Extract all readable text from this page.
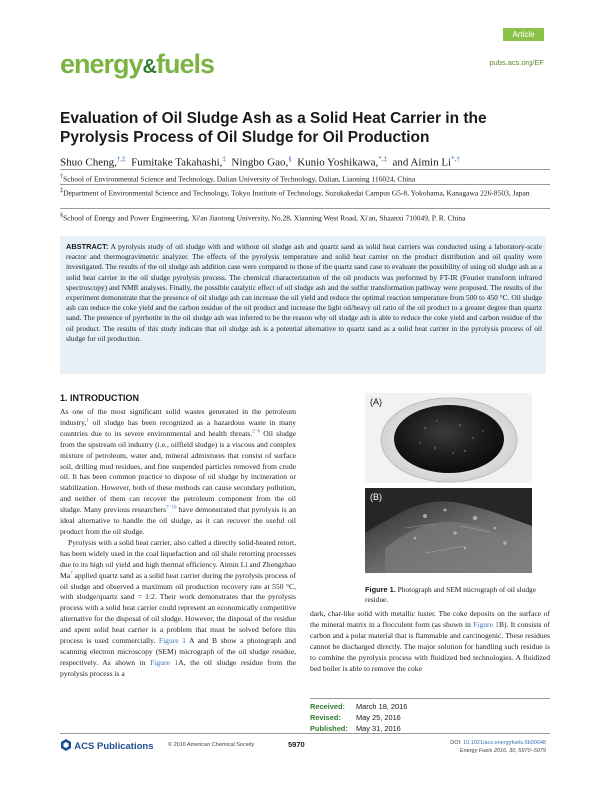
Article
energy&fuels	pubs.acs.org/EF
Evaluation of Oil Sludge Ash as a Solid Heat Carrier in the Pyrolysis Process of Oil Sludge for Oil Production
Shuo Cheng,†,‡ Fumitake Takahashi,‡ Ningbo Gao,§ Kunio Yoshikawa,*,‡ and Aimin Li*,†
†School of Environmental Science and Technology, Dalian University of Technology, Dalian, Liaoning 116024, China
‡Department of Environmental Science and Technology, Tokyo Institute of Technology, Suzukakedai Campus G5-8, Yokohama, Kanagawa 226-8503, Japan
§School of Energy and Power Engineering, Xi'an Jiaotong University, No.28, Xianning West Road, Xi'an, Shaanxi 710049, P. R. China
ABSTRACT: A pyrolysis study of oil sludge with and without oil sludge ash and quartz sand as solid heat carriers was conducted using a laboratory-scale reactor and thermogravimetric analyzer. The effects of the pyrolysis temperature and solid heat carrier on the product distribution and oil quality were investigated. The results of the oil sludge ash addition case were compared to those of the quartz sand case to evaluate the possibility of using oil sludge ash as a solid heat carrier in the oil sludge pyrolysis process. The chemical characterization of the oil products was performed by FT-IR (Fourier transform infrared spectroscopy) and NMR analyses. Finally, the possible catalytic effect of oil sludge ash and the sulfur transformation pathway were proposed. The results of the experiment demonstrate that the presence of oil sludge ash can increase the oil yield and reduce the optimal reaction temperature from 500 to 450 °C. Oil sludge ash can reduce the coke yield and the carbon residue of the oil product and increase the light oil/heavy oil ratio of the oil product to a greater degree than quartz sand. The presence of pyrrhotite in the oil sludge ash was inferred to be the reason why oil sludge ash is able to reduce the coke yield and carbon residue of the oil product. The results of this study indicate that oil sludge ash is a potential alternative to quartz sand as a solid heat carrier in the pyrolysis process of oil sludge for oil production.
1. INTRODUCTION

As one of the most significant solid wastes generated in the petroleum industry,$^1$ oil sludge has been recognized as a hazardous waste in many countries due to its severe environmental and health threats.$^{2-6}$ Oil sludge from the upstream oil industry (i.e., oilfield sludge) is a viscous and complex mixture of petroleum, water and, mineral admixtures that consist of surface soil, drilling mud residues, and fine suspended particles removed from crude oil. It has been common practice to dispose of oil sludge by incineration or stabilization. However, both of these methods can cause secondary pollution, and neither of them can recover the petroleum component from the oil sludge. Many previous researchers$^{7-10}$ have demonstrated that pyrolysis is an ideal alternative to handle the oil sludge, as it can recover the useful oil product from the oil sludge.

Pyrolysis with a solid heat carrier, also called a directly solid-heated retort, has been widely used in the coal liquefaction and oil shale retorting processes due to its high oil yield and high thermal efficiency. Aimin Li and Zhengzhao Ma$^7$ applied quartz sand as a solid heat carrier during the pyrolysis process of oil sludge and observed a maximum oil production recovery rate at 550 °C, with sludge/quartz sand = 1:2. Their work demonstrates that the pyrolysis process with a solid heat carrier could represent an economically competitive alternative for the disposal of oil sludge. However, the disposal of the residue and spent solid heat carrier is a problem that must be solved before this process is used commercially. Figure 1 A and B show a photograph and scanning electron microscopy (SEM) micrograph of the oil sludge residue, respectively. As shown in Figure 1A, the oil sludge residue from the pyrolysis process is a

(A)
(B)
Figure 1. Photograph and SEM micrograph of oil sludge residue.

dark, char-like solid with metallic luster. The coke deposits on the surface of the mineral matrix in a flocculent form (as shown in Figure 1B). It consists of carbon and a polar material that is flammable and carcinogenic. These residues cannot be discharged directly. The major solution for handling such residue is to combine the pyrolysis process with fluidized bed technologies. A fluidized bed boiler is able to remove the coke

Received: March 18, 2016
Revised: May 25, 2016
Published: May 31, 2016
ACS Publications	© 2016 American Chemical Society	5970	DOI: 10.1021/acs.energyfuels.6b00648
Energy Fuels 2016, 30, 5970−5979
